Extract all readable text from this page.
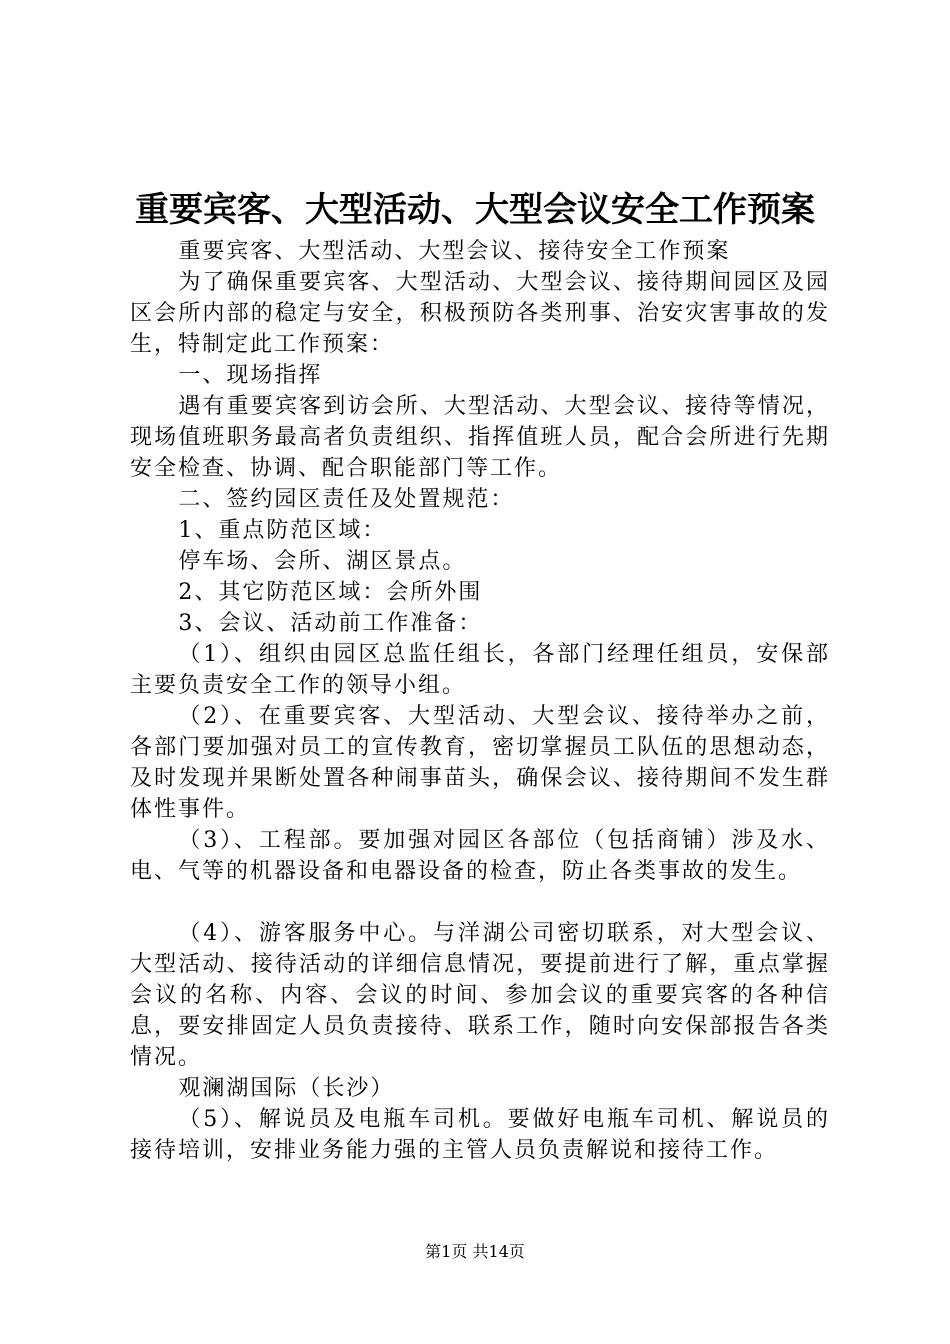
重要宾客、大型活动、大型会议安全工作预案

重要宾客、大型活动、大型会议、接待安全工作预案

为了确保重要宾客、大型活动、大型会议、接待期间园区及园区会所内部的稳定与安全，积极预防各类刑事、治安灾害事故的发生，特制定此工作预案：

一、现场指挥

遇有重要宾客到访会所、大型活动、大型会议、接待等情况，现场值班职务最高者负责组织、指挥值班人员，配合会所进行先期安全检查、协调、配合职能部门等工作。

二、签约园区责任及处置规范：

1、重点防范区域：

停车场、会所、湖区景点。

2、其它防范区域：会所外围

3、会议、活动前工作准备：

（1）、组织由园区总监任组长，各部门经理任组员，安保部主要负责安全工作的领导小组。

（2）、在重要宾客、大型活动、大型会议、接待举办之前，各部门要加强对员工的宣传教育，密切掌握员工队伍的思想动态，及时发现并果断处置各种闹事苗头，确保会议、接待期间不发生群体性事件。

（3）、工程部。要加强对园区各部位（包括商铺）涉及水、电、气等的机器设备和电器设备的检查，防止各类事故的发生。

（4）、游客服务中心。与洋湖公司密切联系，对大型会议、大型活动、接待活动的详细信息情况，要提前进行了解，重点掌握会议的名称、内容、会议的时间、参加会议的重要宾客的各种信息，要安排固定人员负责接待、联系工作，随时向安保部报告各类情况。

观澜湖国际（长沙）

（5）、解说员及电瓶车司机。要做好电瓶车司机、解说员的接待培训，安排业务能力强的主管人员负责解说和接待工作。

第1页 共14页
